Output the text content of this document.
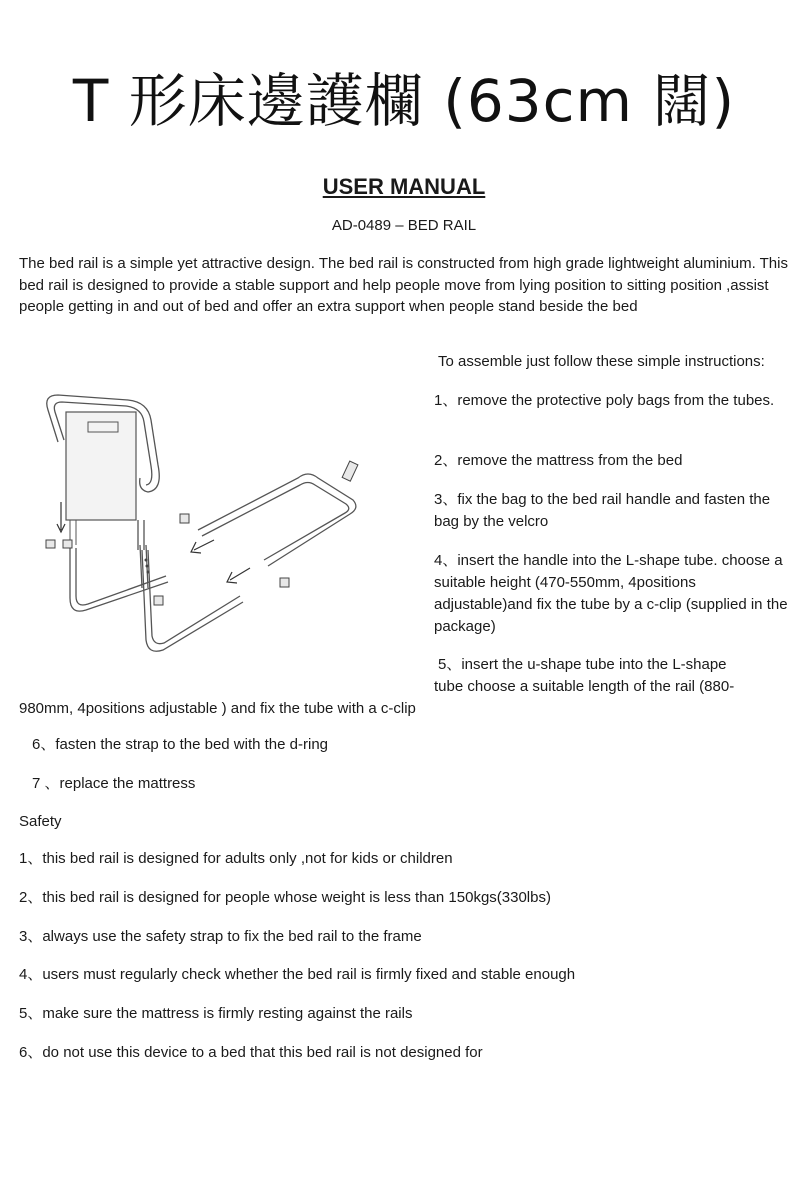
T 形床邊護欄 (63cm 闊)
USER MANUAL
AD-0489 – BED RAIL
The bed rail is a simple yet attractive design. The bed rail is constructed from high grade lightweight aluminium. This bed rail is designed to provide a stable support and help people move from lying position to sitting position ,assist people getting in and out of bed and offer an extra support when people stand beside the bed
To assemble just follow these simple instructions:
1、remove the protective poly bags from the tubes.
2、remove the mattress from the bed
3、fix the bag to the bed rail handle and fasten the bag by the velcro
4、insert the handle into the L-shape tube. choose a suitable height (470-550mm, 4positions adjustable)and fix the tube by a c-clip (supplied in the package)
5、insert the u-shape tube into the L-shape
tube choose a suitable length of the rail (880-
980mm, 4positions adjustable ) and fix the tube with a c-clip
6、fasten the strap to the bed with the d-ring
7 、replace the mattress
Safety
1、this bed rail is designed for adults only ,not for kids or children
2、this bed rail is designed for people whose weight is less than 150kgs(330lbs)
3、always use the safety strap to fix the bed rail to the frame
4、users must regularly check whether the bed rail is firmly fixed and stable enough
5、make sure the mattress is firmly resting against the rails
6、do not use this device to a bed that this bed rail is not designed for
